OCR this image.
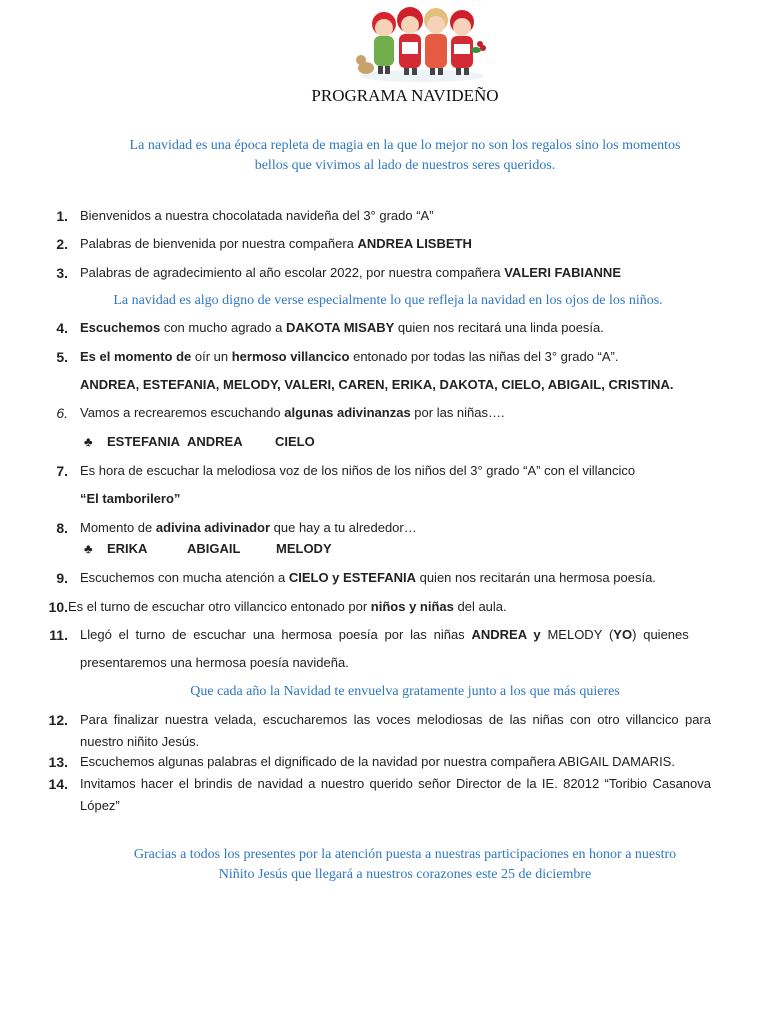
PROGRAMA NAVIDEÑO
La navidad es una época repleta de magia en la que lo mejor no son los regalos sino los momentos
bellos que vivimos al lado de nuestros seres queridos.
1. Bienvenidos a nuestra chocolatada navideña del 3° grado “A”
2. Palabras de bienvenida por nuestra compañera ANDREA LISBETH
3. Palabras de agradecimiento al año escolar 2022, por nuestra compañera VALERI FABIANNE
La navidad es algo digno de verse especialmente lo que refleja la navidad en los ojos de los niños.
4. Escuchemos con mucho agrado a DAKOTA MISABY quien nos recitará una linda poesía.
5. Es el momento de oír un hermoso villancico entonado por todas las niñas del 3° grado “A”.
ANDREA, ESTEFANIA, MELODY, VALERI, CAREN, ERIKA, DAKOTA, CIELO, ABIGAIL, CRISTINA.
6. Vamos a recrearemos escuchando algunas adivinanzas por las niñas….
♣ ESTEFANIA ANDREA CIELO
7. Es hora de escuchar la melodiosa voz de los niños de los niños del 3° grado “A” con el villancico
“El tamborilero”
8. Momento de adivina adivinador que hay a tu alrededor…
♣ ERIKA	ABIGAIL	MELODY
9. Escuchemos con mucha atención a CIELO y ESTEFANIA quien nos recitarán una hermosa poesía.
10. Es el turno de escuchar otro villancico entonado por niños y niñas del aula.
11. Llegó el turno de escuchar una hermosa poesía por las niñas ANDREA y MELODY (YO) quienes
presentaremos una hermosa poesía navideña.
Que cada año la Navidad te envuelva gratamente junto a los que más quieres
12. Para finalizar nuestra velada, escucharemos las voces melodiosas de las niñas con otro villancico para nuestro niñito Jesús.
13. Escuchemos algunas palabras el dignificado de la navidad por nuestra compañera ABIGAIL DAMARIS.
14. Invitamos hacer el brindis de navidad a nuestro querido señor Director de la IE. 82012 “Toribio Casanova López”
Gracias a todos los presentes por la atención puesta a nuestras participaciones en honor a nuestro
Niñito Jesús que llegará a nuestros corazones este 25 de diciembre
